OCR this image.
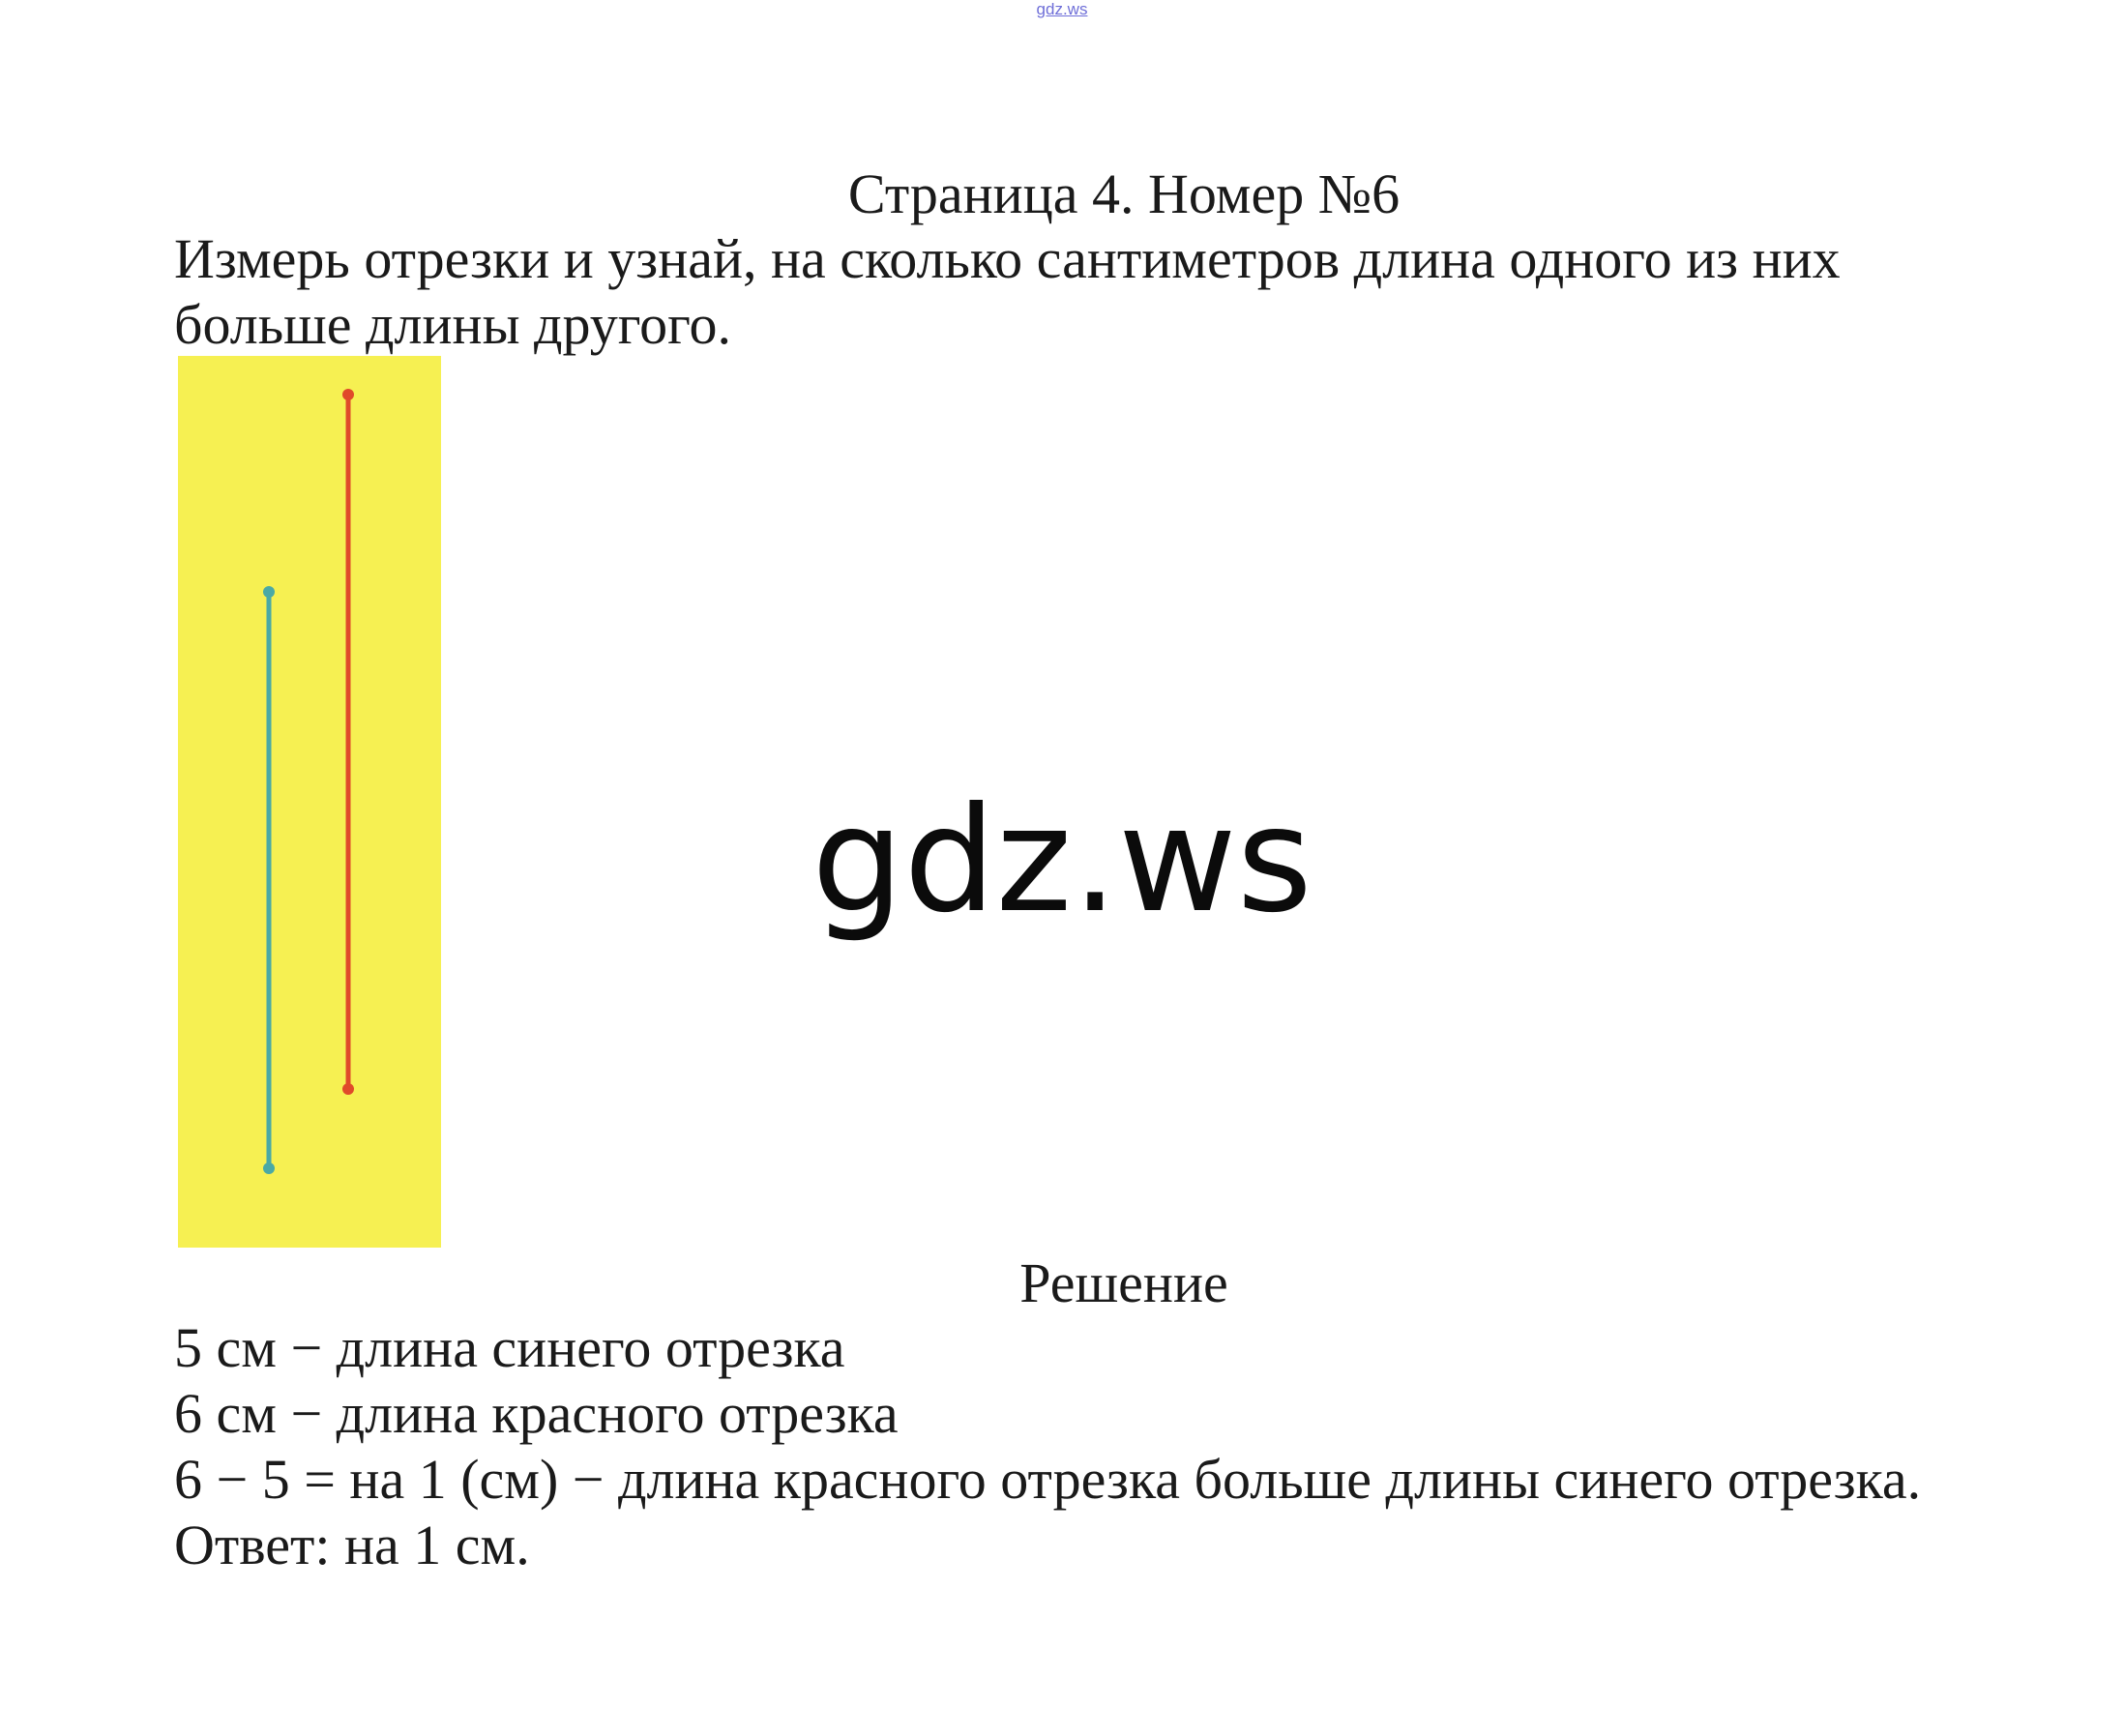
gdz.ws
Страница 4. Номер №6
Измерь отрезки и узнай, на сколько сантиметров длина одного из них
больше длины другого.
gdz.ws
Решение
5 см − длина синего отрезка
6 см − длина красного отрезка
6 − 5 = на 1 (см) − длина красного отрезка больше длины синего отрезка.
Ответ: на 1 см.
